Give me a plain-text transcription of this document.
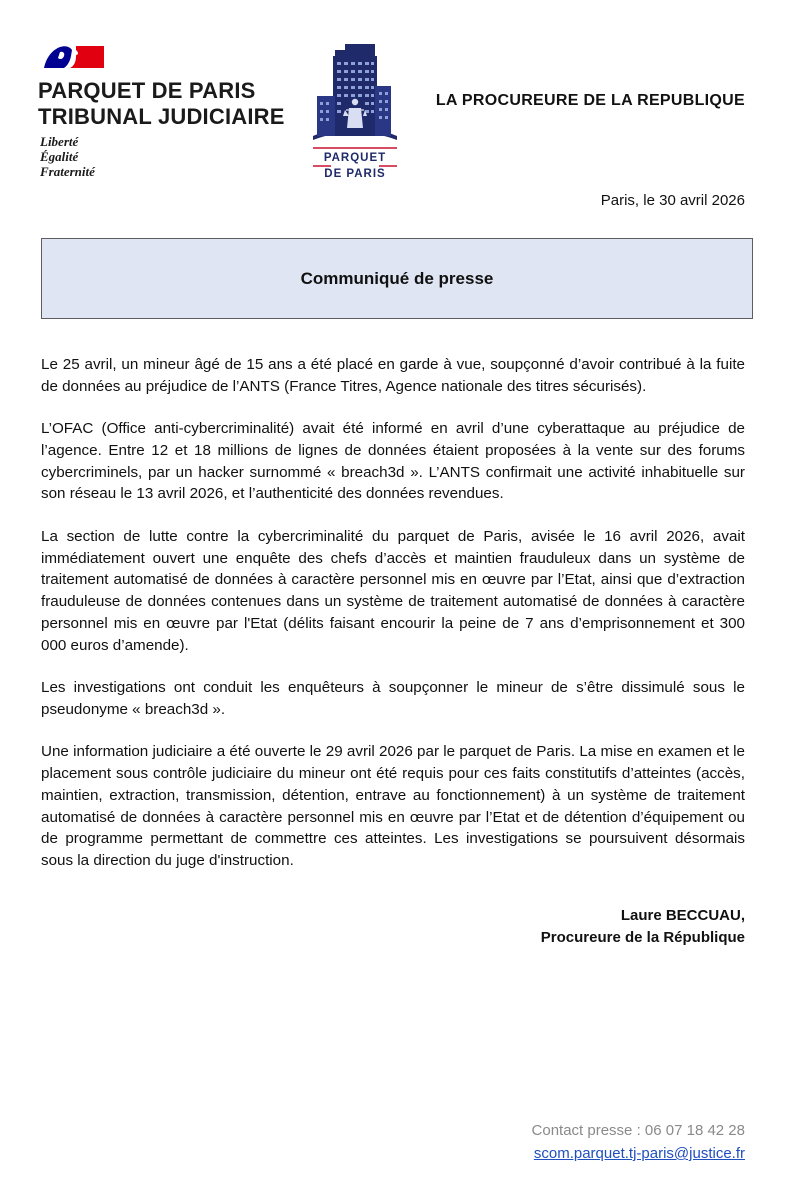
PARQUET DE PARIS
TRIBUNAL JUDICIAIRE
Liberté
Égalité
Fraternité
PARQUET
DE PARIS
LA PROCUREURE DE LA REPUBLIQUE
Paris, le 30 avril 2026
Communiqué de presse

Le 25 avril, un mineur âgé de 15 ans a été placé en garde à vue, soupçonné d’avoir contribué à la fuite de données au préjudice de l’ANTS (France Titres, Agence nationale des titres sécurisés).

L’OFAC (Office anti-cybercriminalité) avait été informé en avril d’une cyberattaque au préjudice de l’agence. Entre 12 et 18 millions de lignes de données étaient proposées à la vente sur des forums cybercriminels, par un hacker surnommé « breach3d ». L’ANTS confirmait une activité inhabituelle sur son réseau le 13 avril 2026, et l’authenticité des données revendues.

La section de lutte contre la cybercriminalité du parquet de Paris, avisée le 16 avril 2026, avait immédiatement ouvert une enquête des chefs d’accès et maintien frauduleux dans un système de traitement automatisé de données à caractère personnel mis en œuvre par l’Etat, ainsi que d’extraction frauduleuse de données contenues dans un système de traitement automatisé de données à caractère personnel mis en œuvre par l'Etat (délits faisant encourir la peine de 7 ans d’emprisonnement et 300 000 euros d’amende).

Les investigations ont conduit les enquêteurs à soupçonner le mineur de s’être dissimulé sous le pseudonyme « breach3d ».

Une information judiciaire a été ouverte le 29 avril 2026 par le parquet de Paris. La mise en examen et le placement sous contrôle judiciaire du mineur ont été requis pour ces faits constitutifs d’atteintes (accès, maintien, extraction, transmission, détention, entrave au fonctionnement) à un système de traitement automatisé de données à caractère personnel mis en œuvre par l’Etat et de détention d’équipement ou de programme permettant de commettre ces atteintes. Les investigations se poursuivent désormais sous la direction du juge d'instruction.

Laure BECCUAU,
Procureure de la République
Contact presse : 06 07 18 42 28
scom.parquet.tj-paris@justice.fr
